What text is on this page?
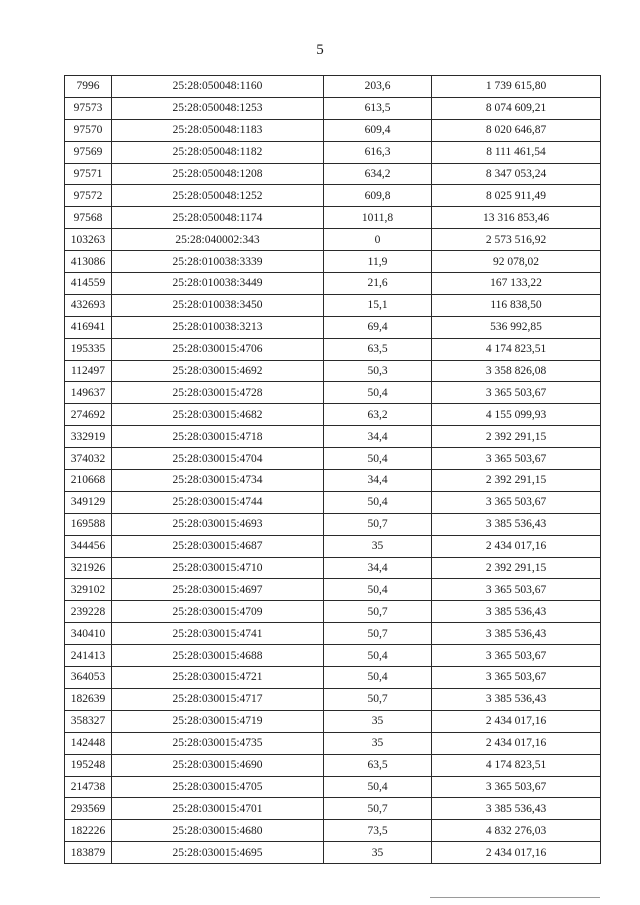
5
7996	25:28:050048:1160	203,6	1 739 615,80
97573	25:28:050048:1253	613,5	8 074 609,21
97570	25:28:050048:1183	609,4	8 020 646,87
97569	25:28:050048:1182	616,3	8 111 461,54
97571	25:28:050048:1208	634,2	8 347 053,24
97572	25:28:050048:1252	609,8	8 025 911,49
97568	25:28:050048:1174	1011,8	13 316 853,46
103263	25:28:040002:343	0	2 573 516,92
413086	25:28:010038:3339	11,9	92 078,02
414559	25:28:010038:3449	21,6	167 133,22
432693	25:28:010038:3450	15,1	116 838,50
416941	25:28:010038:3213	69,4	536 992,85
195335	25:28:030015:4706	63,5	4 174 823,51
112497	25:28:030015:4692	50,3	3 358 826,08
149637	25:28:030015:4728	50,4	3 365 503,67
274692	25:28:030015:4682	63,2	4 155 099,93
332919	25:28:030015:4718	34,4	2 392 291,15
374032	25:28:030015:4704	50,4	3 365 503,67
210668	25:28:030015:4734	34,4	2 392 291,15
349129	25:28:030015:4744	50,4	3 365 503,67
169588	25:28:030015:4693	50,7	3 385 536,43
344456	25:28:030015:4687	35	2 434 017,16
321926	25:28:030015:4710	34,4	2 392 291,15
329102	25:28:030015:4697	50,4	3 365 503,67
239228	25:28:030015:4709	50,7	3 385 536,43
340410	25:28:030015:4741	50,7	3 385 536,43
241413	25:28:030015:4688	50,4	3 365 503,67
364053	25:28:030015:4721	50,4	3 365 503,67
182639	25:28:030015:4717	50,7	3 385 536,43
358327	25:28:030015:4719	35	2 434 017,16
142448	25:28:030015:4735	35	2 434 017,16
195248	25:28:030015:4690	63,5	4 174 823,51
214738	25:28:030015:4705	50,4	3 365 503,67
293569	25:28:030015:4701	50,7	3 385 536,43
182226	25:28:030015:4680	73,5	4 832 276,03
183879	25:28:030015:4695	35	2 434 017,16
